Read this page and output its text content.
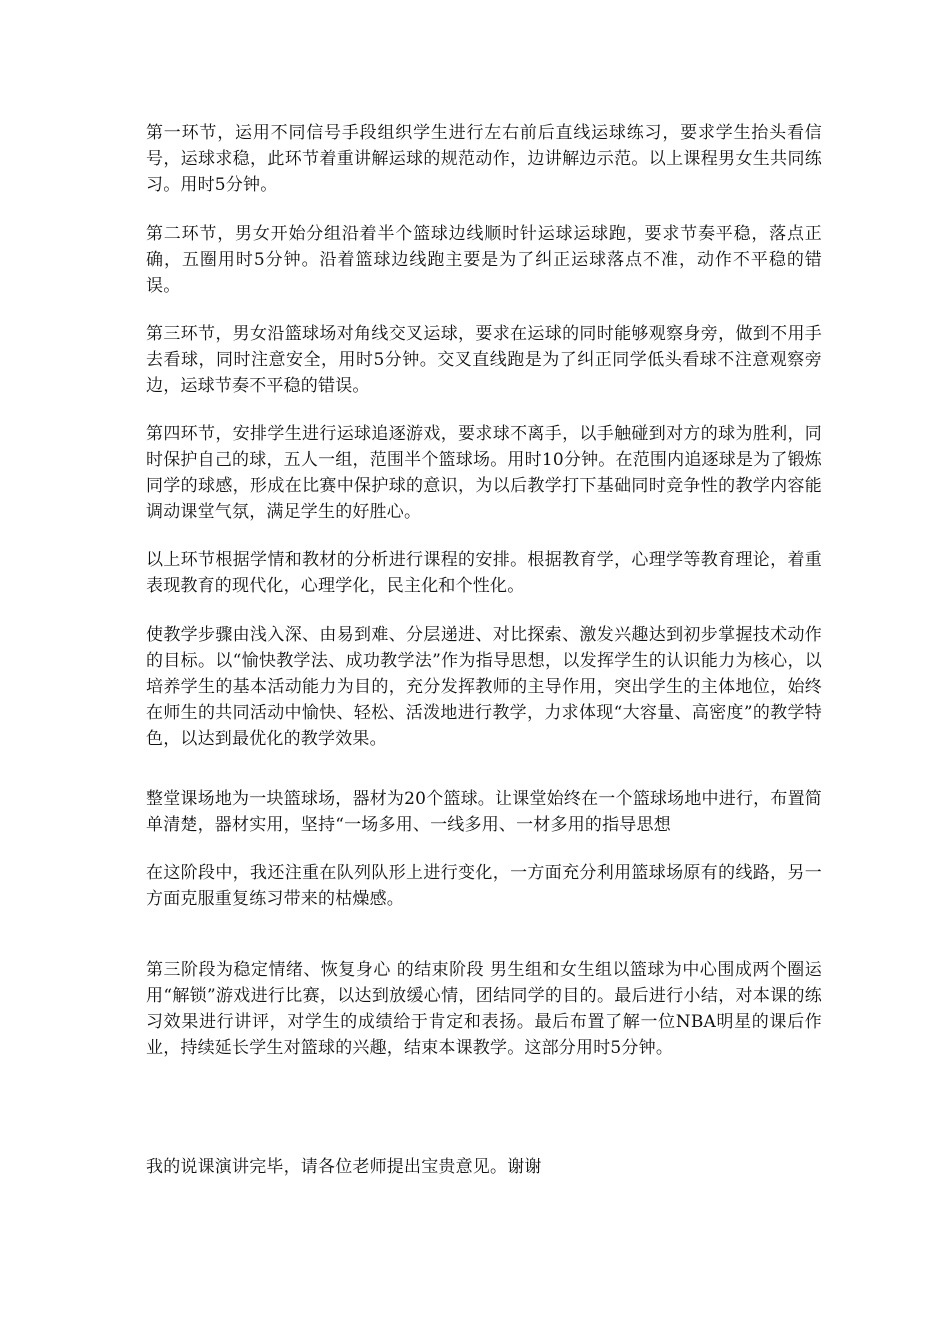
第一环节，运用不同信号手段组织学生进行左右前后直线运球练习，要求学生抬头看信号，运球求稳，此环节着重讲解运球的规范动作，边讲解边示范。以上课程男女生共同练习。用时5分钟。

第二环节，男女开始分组沿着半个篮球边线顺时针运球运球跑，要求节奏平稳，落点正确，五圈用时5分钟。沿着篮球边线跑主要是为了纠正运球落点不准，动作不平稳的错误。

第三环节，男女沿篮球场对角线交叉运球，要求在运球的同时能够观察身旁，做到不用手去看球，同时注意安全，用时5分钟。交叉直线跑是为了纠正同学低头看球不注意观察旁边，运球节奏不平稳的错误。

第四环节，安排学生进行运球追逐游戏，要求球不离手，以手触碰到对方的球为胜利，同时保护自己的球，五人一组，范围半个篮球场。用时10分钟。在范围内追逐球是为了锻炼同学的球感，形成在比赛中保护球的意识，为以后教学打下基础同时竞争性的教学内容能调动课堂气氛，满足学生的好胜心。

以上环节根据学情和教材的分析进行课程的安排。根据教育学，心理学等教育理论，着重表现教育的现代化，心理学化，民主化和个性化。

使教学步骤由浅入深、由易到难、分层递进、对比探索、激发兴趣达到初步掌握技术动作的目标。以“愉快教学法、成功教学法”作为指导思想，以发挥学生的认识能力为核心，以培养学生的基本活动能力为目的，充分发挥教师的主导作用，突出学生的主体地位，始终在师生的共同活动中愉快、轻松、活泼地进行教学，力求体现“大容量、高密度”的教学特色，以达到最优化的教学效果。

整堂课场地为一块篮球场，器材为20个篮球。让课堂始终在一个篮球场地中进行，布置简单清楚，器材实用，坚持“一场多用、一线多用、一材多用的指导思想

在这阶段中，我还注重在队列队形上进行变化，一方面充分利用篮球场原有的线路，另一方面克服重复练习带来的枯燥感。

第三阶段为稳定情绪、恢复身心 的结束阶段 男生组和女生组以篮球为中心围成两个圈运用“解锁”游戏进行比赛，以达到放缓心情，团结同学的目的。最后进行小结，对本课的练习效果进行讲评，对学生的成绩给于肯定和表扬。最后布置了解一位NBA明星的课后作业，持续延长学生对篮球的兴趣，结束本课教学。这部分用时5分钟。

我的说课演讲完毕，请各位老师提出宝贵意见。谢谢
